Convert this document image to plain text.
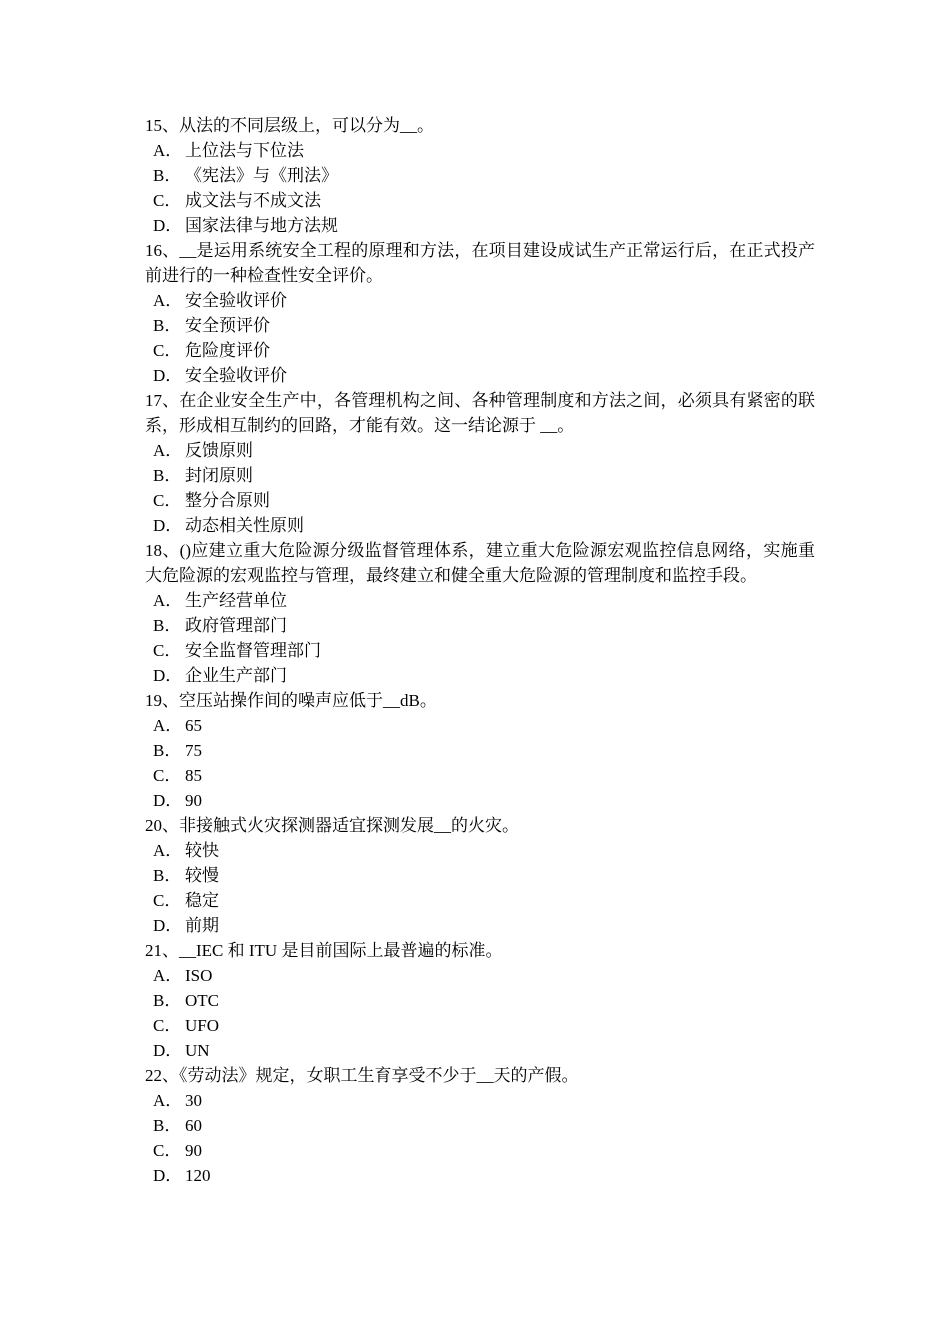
15、从法的不同层级上，可以分为__。

A． 上位法与下位法

B． 《宪法》与《刑法》

C． 成文法与不成文法

D． 国家法律与地方法规

16、__是运用系统安全工程的原理和方法，在项目建设成试生产正常运行后，在正式投产前进行的一种检查性安全评价。

A． 安全验收评价

B． 安全预评价

C． 危险度评价

D． 安全验收评价

17、在企业安全生产中，各管理机构之间、各种管理制度和方法之间，必须具有紧密的联系，形成相互制约的回路，才能有效。这一结论源于 __。

A． 反馈原则

B． 封闭原则

C． 整分合原则

D． 动态相关性原则

18、()应建立重大危险源分级监督管理体系，建立重大危险源宏观监控信息网络，实施重大危险源的宏观监控与管理，最终建立和健全重大危险源的管理制度和监控手段。

A． 生产经营单位

B． 政府管理部门

C． 安全监督管理部门

D． 企业生产部门

19、空压站操作间的噪声应低于__dB。

A． 65

B． 75

C． 85

D． 90

20、非接触式火灾探测器适宜探测发展__的火灾。

A． 较快

B． 较慢

C． 稳定

D． 前期

21、__IEC 和 ITU 是目前国际上最普遍的标准。

A． ISO

B． OTC

C． UFO

D． UN

22、《劳动法》规定，女职工生育享受不少于__天的产假。

A． 30

B． 60

C． 90

D． 120
